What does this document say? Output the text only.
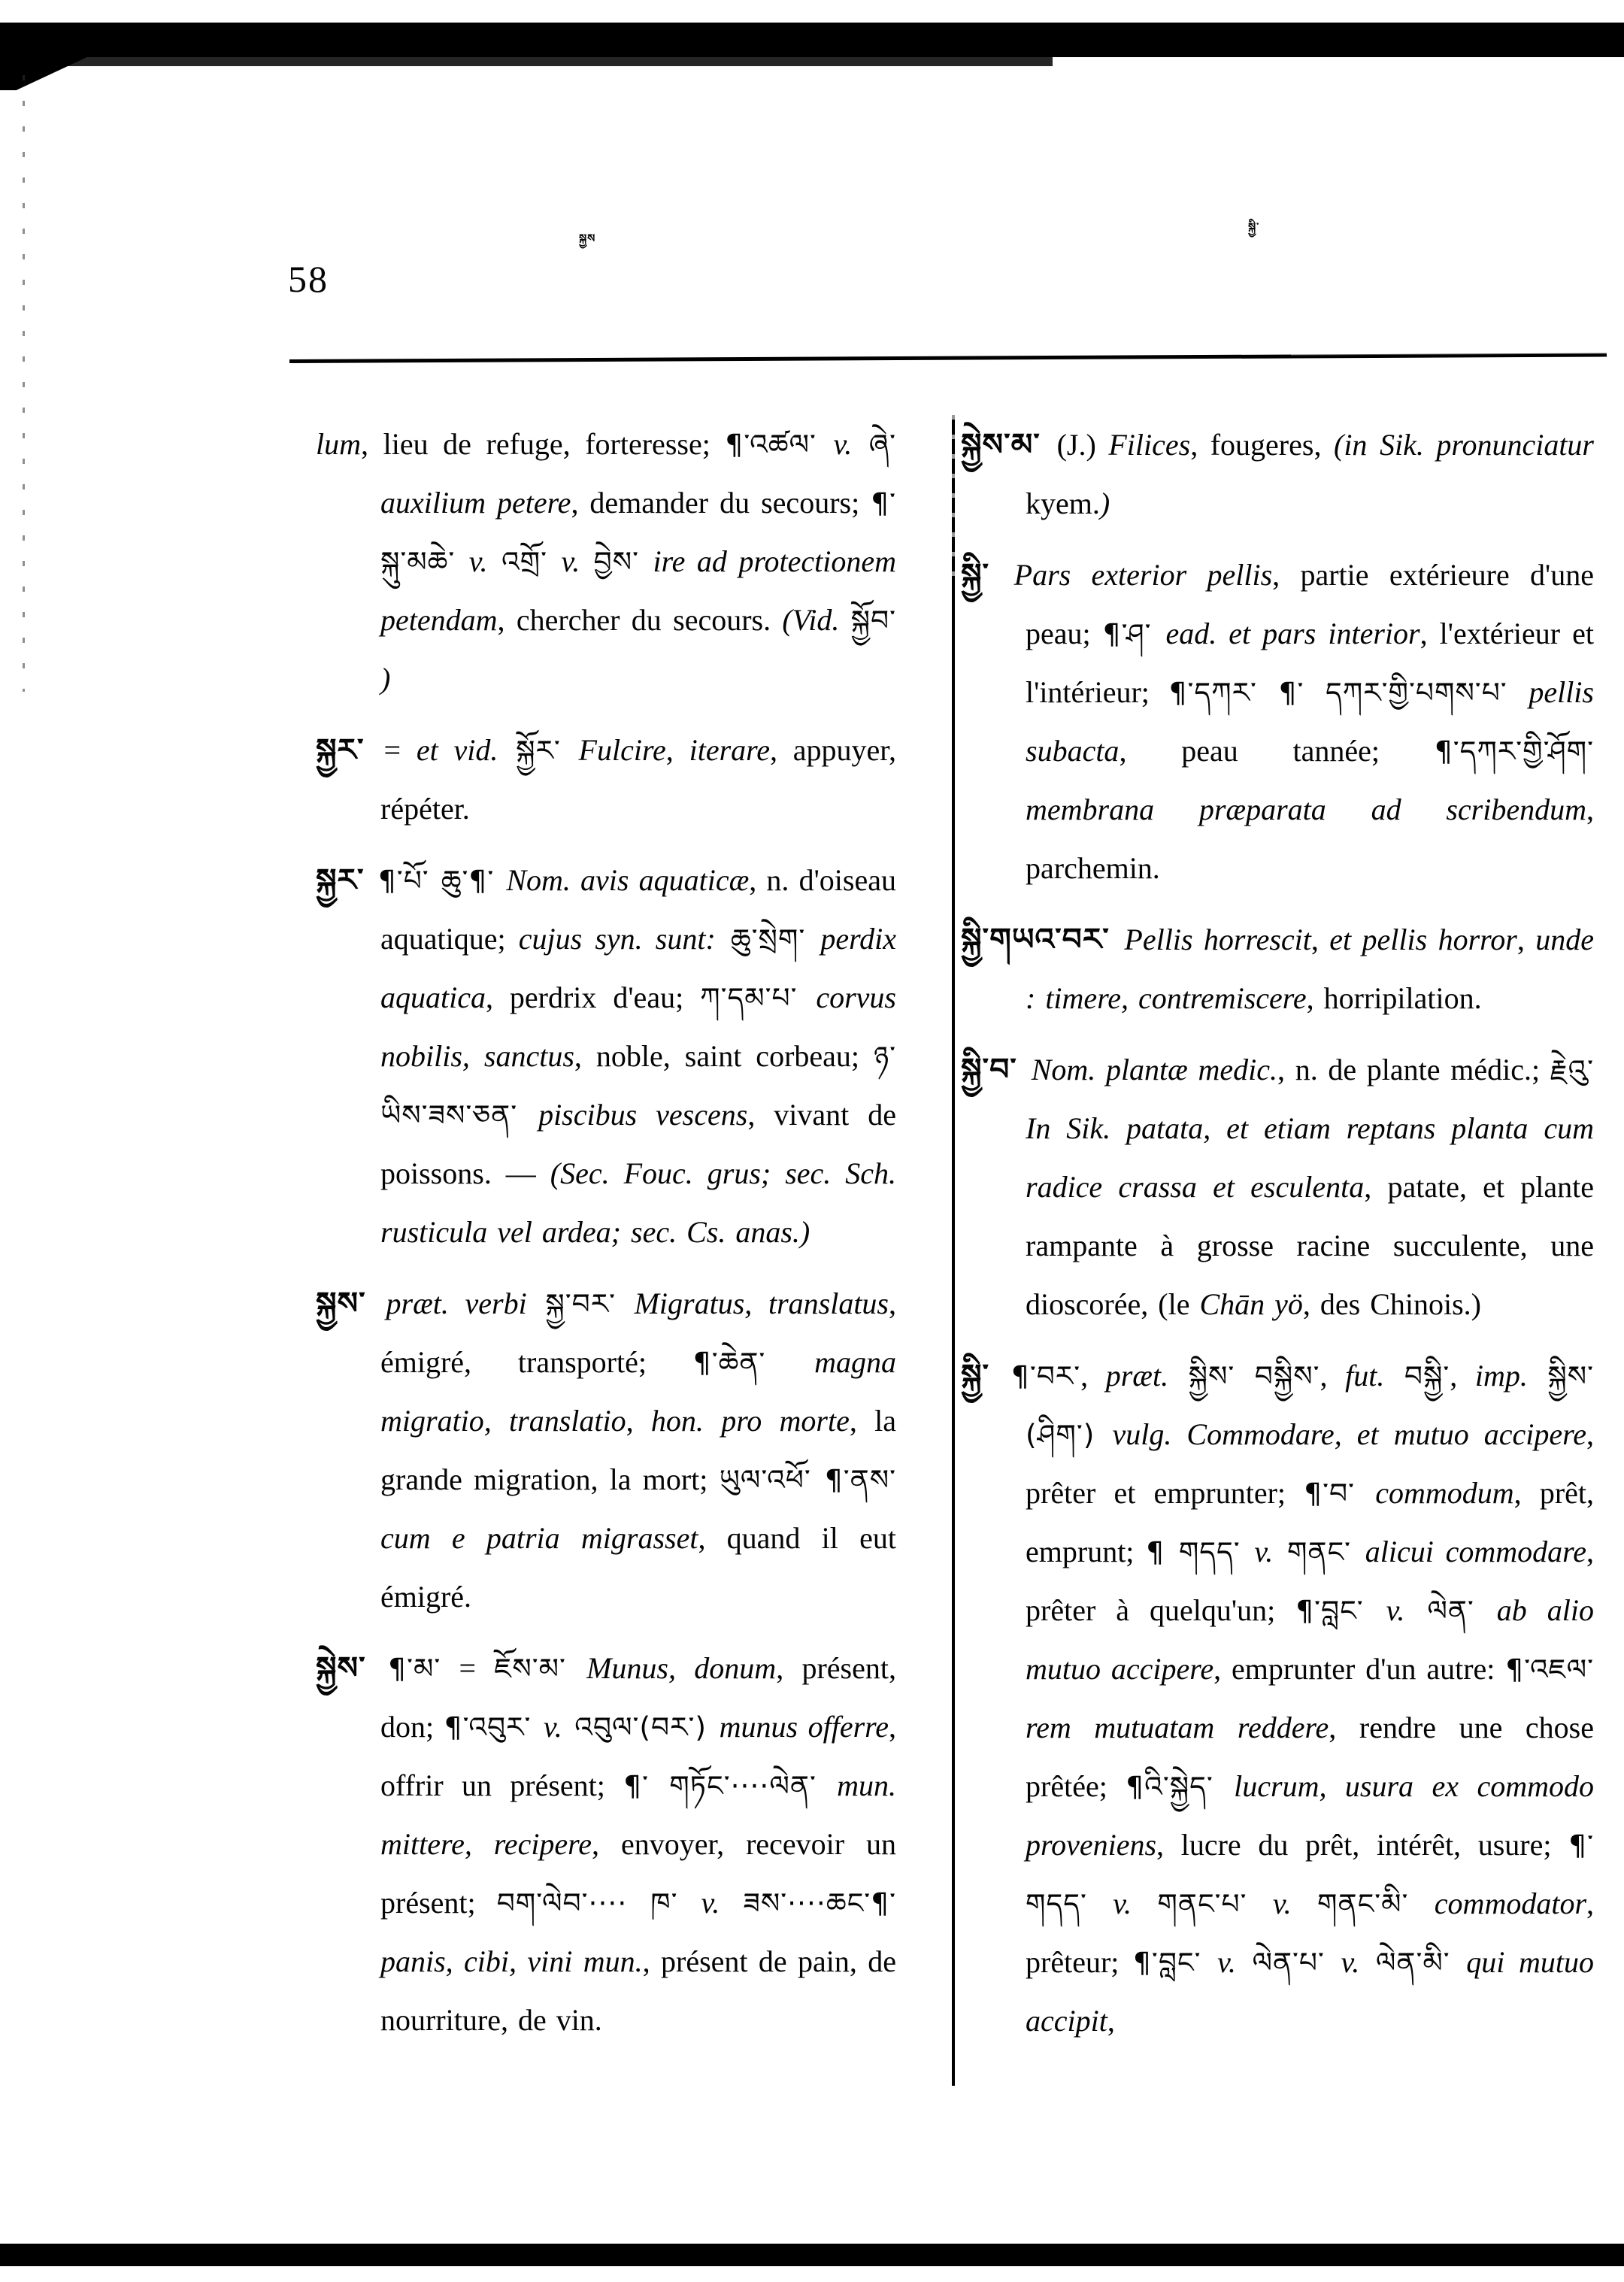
58
སྐྱས
སྐྱི་

lum, lieu de refuge, forteresse; ¶་འཚལ་ v. ཞེ་ auxilium petere, demander du secours; ¶་སྐུ་མཆེ་ v. འགྲོ་ v. བྱེས་ ire ad protectionem petendam, chercher du secours. (Vid. སྐྱོབ་ )

སྐྱར་ = et vid. སྐྱོར་ Fulcire, iterare, appuyer, répéter.

སྐྱར་ ¶་པོ་ ཆུ་¶་ Nom. avis aquaticæ, n. d'oiseau aquatique; cujus syn. sunt: ཆུ་སྲེག་ perdix aquatica, perdrix d'eau; ཀ་དམ་པ་ corvus nobilis, sanctus, noble, saint corbeau; ཉ་ཡིས་ཟས་ཅན་ piscibus vescens, vivant de poissons. — (Sec. Fouc. grus; sec. Sch. rusticula vel ardea; sec. Cs. anas.)

སྐྱས་ præt. verbi སྐྱ་བར་ Migratus, translatus, émigré, transporté; ¶་ཆེན་ magna migratio, translatio, hon. pro morte, la grande migration, la mort; ཡུལ་འཕོ་ ¶་ནས་ cum e patria migrasset, quand il eut émigré.

སྐྱེས་ ¶་མ་ = ཇོས་མ་ Munus, donum, présent, don; ¶་འབུར་ v. འབུལ་(བར་) munus offerre, offrir un présent; ¶་ གཏོང་····ལེན་ mun. mittere, recipere, envoyer, recevoir un présent; བག་ལེབ་···· ཁ་ v. ཟས་····ཆང་¶་ panis, cibi, vini mun., présent de pain, de nourriture, de vin.

སྐྱེས་མ་ (J.) Filices, fougeres, (in Sik. pronunciatur kyem.)

སྐྱི་ Pars exterior pellis, partie extérieure d'une peau; ¶་ཤ་ ead. et pars interior, l'extérieur et l'intérieur; ¶་དཀར་ ¶་ དཀར་གྱི་པགས་པ་ pellis subacta, peau tannée; ¶་དཀར་གྱི་ཤོག་ membrana præparata ad scribendum, parchemin.

སྐྱི་གཡའ་བར་ Pellis horrescit, et pellis horror, unde : timere, contremiscere, horripilation.

སྐྱི་བ་ Nom. plantæ medic., n. de plante médic.; རྗེའུ་ In Sik. patata, et etiam reptans planta cum radice crassa et esculenta, patate, et plante rampante à grosse racine succulente, une dioscorée, (le Chān yö, des Chinois.)

སྐྱི་ ¶་བར་, præt. སྐྱིས་ བསྐྱིས་, fut. བསྐྱི་, imp. སྐྱིས་(ཤིག་) vulg. Commodare, et mutuo accipere, prêter et emprunter; ¶་བ་ commodum, prêt, emprunt; ¶ གདད་ v. གནང་ alicui commodare, prêter à quelqu'un; ¶་བླང་ v. ལེན་ ab alio mutuo accipere, emprunter d'un autre: ¶་འཇལ་ rem mutuatam reddere, rendre une chose prêtée; ¶འི་སྐྱེད་ lucrum, usura ex commodo proveniens, lucre du prêt, intérêt, usure; ¶་གདད་ v. གནང་པ་ v. གནང་མི་ commodator, prêteur; ¶་བླང་ v. ལེན་པ་ v. ལེན་མི་ qui mutuo accipit,
